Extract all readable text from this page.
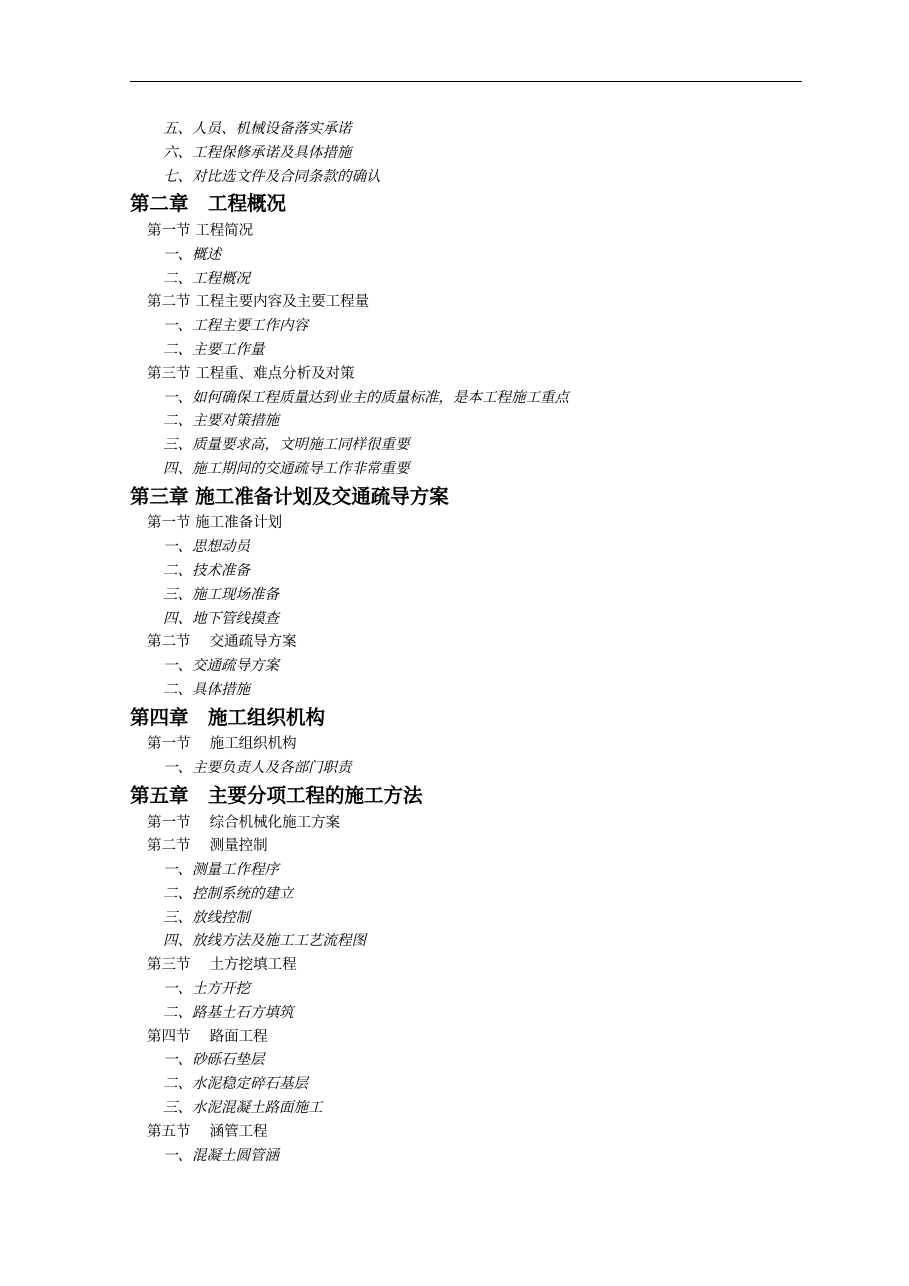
五、人员、机械设备落实承诺
六、工程保修承诺及具体措施
七、对比选文件及合同条款的确认
第二章　工程概况
第一节 工程简况
一、概述
二、工程概况
第二节 工程主要内容及主要工程量
一、工程主要工作内容
二、主要工作量
第三节 工程重、难点分析及对策
一、如何确保工程质量达到业主的质量标准，是本工程施工重点
二、主要对策措施
三、质量要求高，文明施工同样很重要
四、施工期间的交通疏导工作非常重要
第三章 施工准备计划及交通疏导方案
第一节 施工准备计划
一、思想动员
二、技术准备
三、施工现场准备
四、地下管线摸查
第二节　 交通疏导方案
一、交通疏导方案
二、具体措施
第四章　施工组织机构
第一节　 施工组织机构
一、主要负责人及各部门职责
第五章　主要分项工程的施工方法
第一节　 综合机械化施工方案
第二节　 测量控制
一、测量工作程序
二、控制系统的建立
三、放线控制
四、放线方法及施工工艺流程图
第三节　 土方挖填工程
一、土方开挖
二、路基土石方填筑
第四节　 路面工程
一、砂砾石垫层
二、水泥稳定碎石基层
三、水泥混凝土路面施工
第五节　 涵管工程
一、混凝土圆管涵
